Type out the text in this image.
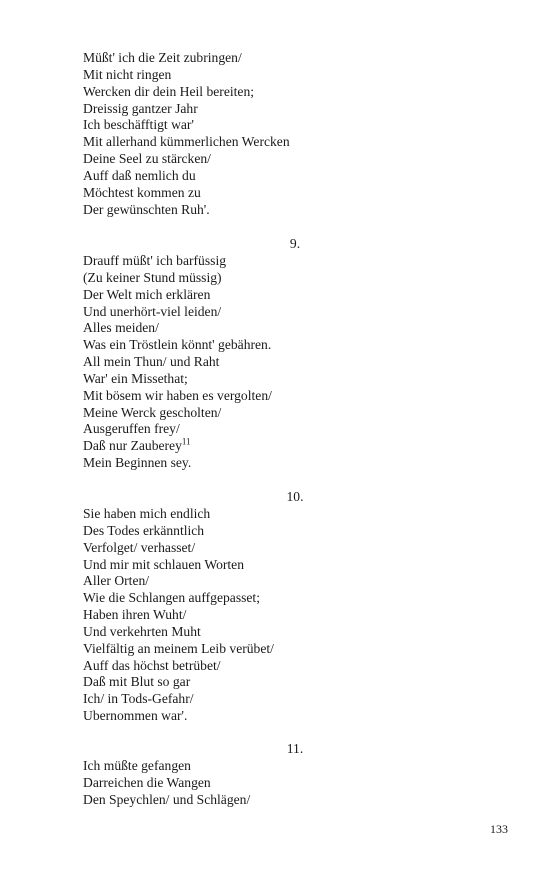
Müßt' ich die Zeit zubringen/
Mit nicht ringen
Wercken dir dein Heil bereiten;
Dreissig gantzer Jahr
Ich beschäfftigt war'
Mit allerhand kümmerlichen Wercken
Deine Seel zu stärcken/
Auff daß nemlich du
Möchtest kommen zu
Der gewünschten Ruh'.
9.
Drauff müßt' ich barfüssig
(Zu keiner Stund müssig)
Der Welt mich erklären
Und unerhört-viel leiden/
Alles meiden/
Was ein Tröstlein könnt' gebähren.
All mein Thun/ und Raht
War' ein Missethat;
Mit bösem wir haben es vergolten/
Meine Werck gescholten/
Ausgeruffen frey/
Daß nur Zauberey$^{11}$
Mein Beginnen sey.
10.
Sie haben mich endlich
Des Todes erkänntlich
Verfolget/ verhasset/
Und mir mit schlauen Worten
Aller Orten/
Wie die Schlangen auffgepasset;
Haben ihren Wuht/
Und verkehrten Muht
Vielfältig an meinem Leib verübet/
Auff das höchst betrübet/
Daß mit Blut so gar
Ich/ in Tods-Gefahr/
Ubernommen war'.
11.
Ich müßte gefangen
Darreichen die Wangen
Den Speychlen/ und Schlägen/
133
